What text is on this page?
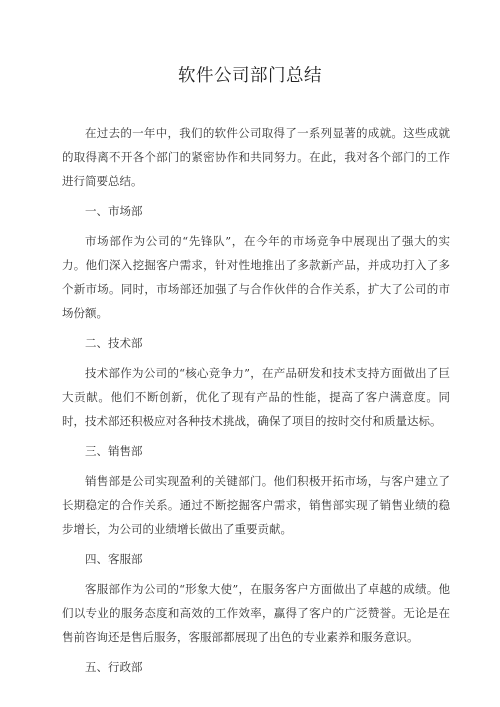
软件公司部门总结

在过去的一年中，我们的软件公司取得了一系列显著的成就。这些成就的取得离不开各个部门的紧密协作和共同努力。在此，我对各个部门的工作进行简要总结。

一、市场部

市场部作为公司的“先锋队”，在今年的市场竞争中展现出了强大的实力。他们深入挖掘客户需求，针对性地推出了多款新产品，并成功打入了多个新市场。同时，市场部还加强了与合作伙伴的合作关系，扩大了公司的市场份额。

二、技术部

技术部作为公司的“核心竞争力”，在产品研发和技术支持方面做出了巨大贡献。他们不断创新，优化了现有产品的性能，提高了客户满意度。同时，技术部还积极应对各种技术挑战，确保了项目的按时交付和质量达标。

三、销售部

销售部是公司实现盈利的关键部门。他们积极开拓市场，与客户建立了长期稳定的合作关系。通过不断挖掘客户需求，销售部实现了销售业绩的稳步增长，为公司的业绩增长做出了重要贡献。

四、客服部

客服部作为公司的“形象大使”，在服务客户方面做出了卓越的成绩。他们以专业的服务态度和高效的工作效率，赢得了客户的广泛赞誉。无论是在售前咨询还是售后服务，客服部都展现了出色的专业素养和服务意识。

五、行政部
